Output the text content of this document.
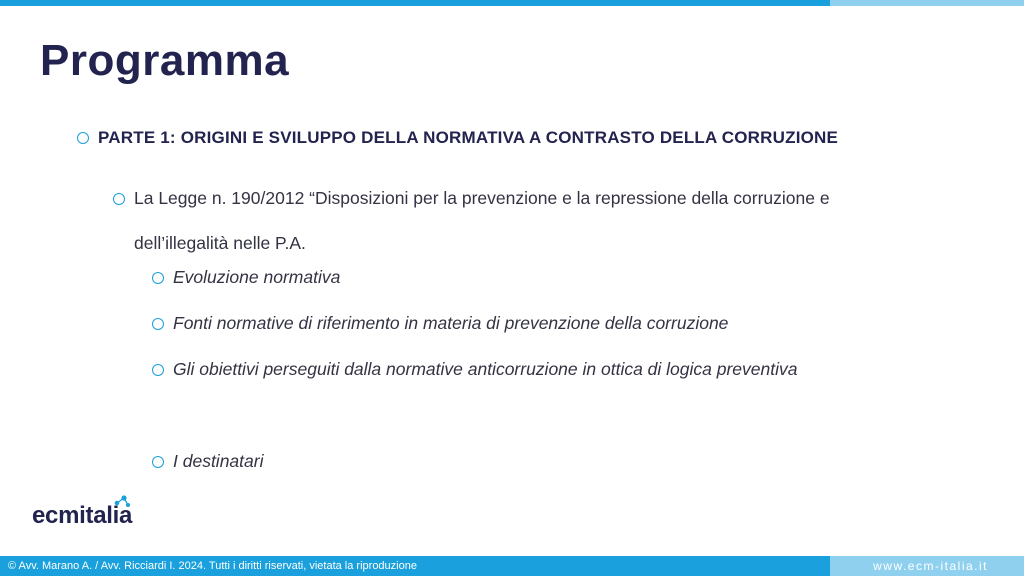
Programma
PARTE 1: ORIGINI E SVILUPPO DELLA NORMATIVA A CONTRASTO DELLA CORRUZIONE
La Legge n. 190/2012 “Disposizioni per la prevenzione e la repressione della corruzione e dell’illegalità nelle P.A.
Evoluzione normativa
Fonti normative di riferimento in materia di prevenzione della corruzione
Gli obiettivi perseguiti dalla normative anticorruzione in ottica di logica preventiva
I destinatari
ecmitalia
© Avv. Marano A. / Avv. Ricciardi I. 2024. Tutti i diritti riservati, vietata la riproduzione	www.ecm-italia.it
